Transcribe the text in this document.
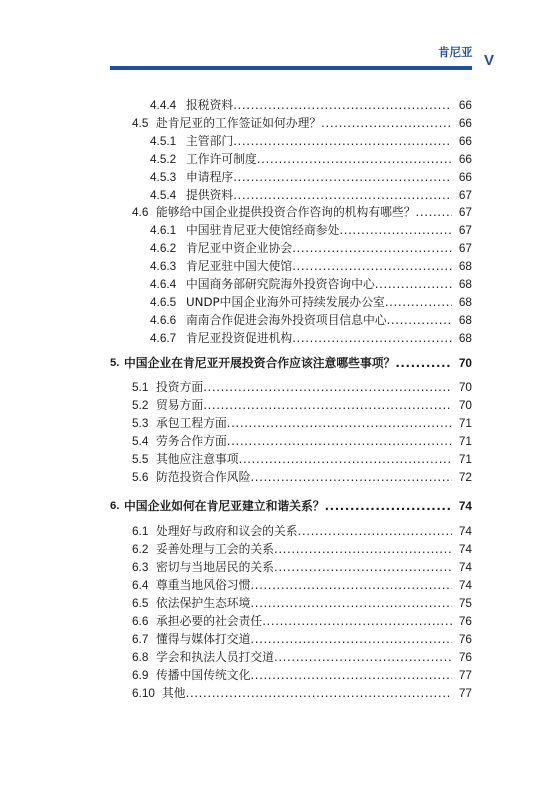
肯尼亚 V
4.4.4 报税资料 .....	66
4.5 赴肯尼亚的工作签证如何办理？ .....	66
4.5.1 主管部门 .....	66
4.5.2 工作许可制度 .....	66
4.5.3 申请程序 .....	66
4.5.4 提供资料 .....	67
4.6 能够给中国企业提供投资合作咨询的机构有哪些？ .....	67
4.6.1 中国驻肯尼亚大使馆经商参处 .....	67
4.6.2 肯尼亚中资企业协会 .....	67
4.6.3 肯尼亚驻中国大使馆 .....	68
4.6.4 中国商务部研究院海外投资咨询中心 .....	68
4.6.5 UNDP中国企业海外可持续发展办公室 .....	68
4.6.6 南南合作促进会海外投资项目信息中心 .....	68
4.6.7 肯尼亚投资促进机构 .....	68
5. 中国企业在肯尼亚开展投资合作应该注意哪些事项？ .....	70
5.1 投资方面 .....	70
5.2 贸易方面 .....	70
5.3 承包工程方面 .....	71
5.4 劳务合作方面 .....	71
5.5 其他应注意事项 .....	71
5.6 防范投资合作风险 .....	72
6. 中国企业如何在肯尼亚建立和谐关系？ .....	74
6.1 处理好与政府和议会的关系 .....	74
6.2 妥善处理与工会的关系 .....	74
6.3 密切与当地居民的关系 .....	74
6.4 尊重当地风俗习惯 .....	74
6.5 依法保护生态环境 .....	75
6.6 承担必要的社会责任 .....	76
6.7 懂得与媒体打交道 .....	76
6.8 学会和执法人员打交道 .....	76
6.9 传播中国传统文化 .....	77
6.10 其他 .....	77
